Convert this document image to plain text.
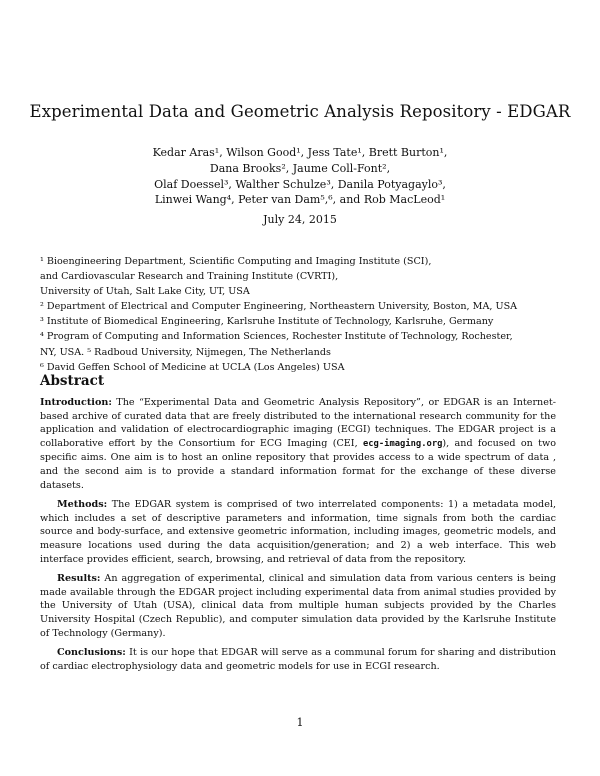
Experimental Data and Geometric Analysis Repository - EDGAR
Kedar Aras¹, Wilson Good¹, Jess Tate¹, Brett Burton¹,
Dana Brooks², Jaume Coll-Font²,
Olaf Doessel³, Walther Schulze³, Danila Potyagaylo³,
Linwei Wang⁴, Peter van Dam⁵,⁶, and Rob MacLeod¹
July 24, 2015

¹ Bioengineering Department, Scientific Computing and Imaging Institute (SCI),

and Cardiovascular Research and Training Institute (CVRTI),

University of Utah, Salt Lake City, UT, USA

² Department of Electrical and Computer Engineering, Northeastern University, Boston, MA, USA

³ Institute of Biomedical Engineering, Karlsruhe Institute of Technology, Karlsruhe, Germany

⁴ Program of Computing and Information Sciences, Rochester Institute of Technology, Rochester,

NY, USA. ⁵ Radboud University, Nijmegen, The Netherlands

⁶ David Geffen School of Medicine at UCLA (Los Angeles) USA

Abstract

Introduction: The “Experimental Data and Geometric Analysis Repository”, or EDGAR is an Internet-based archive of curated data that are freely distributed to the international research community for the application and validation of electrocardiographic imaging (ECGI) techniques. The EDGAR project is a collaborative effort by the Consortium for ECG Imaging (CEI, ecg-imaging.org), and focused on two specific aims. One aim is to host an online repository that provides access to a wide spectrum of data , and the second aim is to provide a standard information format for the exchange of these diverse datasets.

Methods: The EDGAR system is comprised of two interrelated components: 1) a metadata model, which includes a set of descriptive parameters and information, time signals from both the cardiac source and body-surface, and extensive geometric information, including images, geometric models, and measure locations used during the data acquisition/generation; and 2) a web interface. This web interface provides efficient, search, browsing, and retrieval of data from the repository.

Results: An aggregation of experimental, clinical and simulation data from various centers is being made available through the EDGAR project including experimental data from animal studies provided by the University of Utah (USA), clinical data from multiple human subjects provided by the Charles University Hospital (Czech Republic), and computer simulation data provided by the Karlsruhe Institute of Technology (Germany).

Conclusions: It is our hope that EDGAR will serve as a communal forum for sharing and distribution of cardiac electrophysiology data and geometric models for use in ECGI research.

1
